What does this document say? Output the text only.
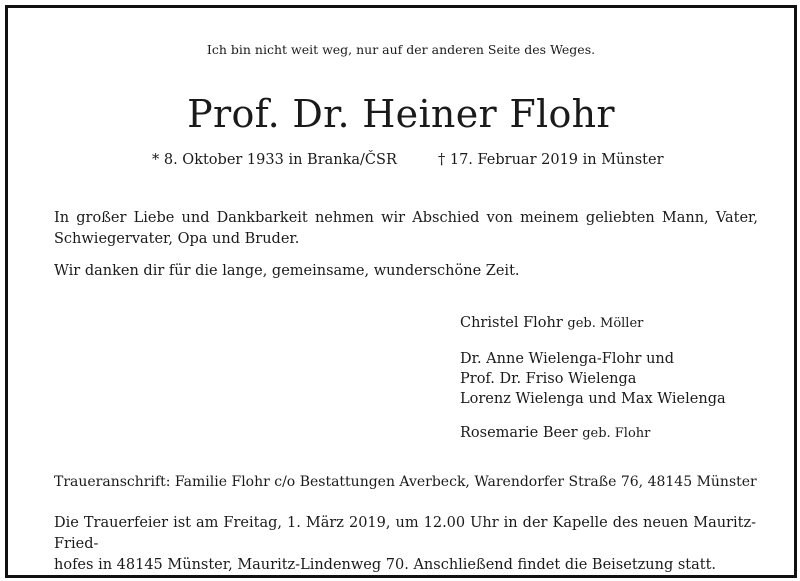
Ich bin nicht weit weg, nur auf der anderen Seite des Weges.
Prof. Dr. Heiner Flohr
* 8. Oktober 1933 in Branka/ČSR	† 17. Februar 2019 in Münster
In großer Liebe und Dankbarkeit nehmen wir Abschied von meinem geliebten Mann, Vater, Schwiegervater, Opa und Bruder.
Wir danken dir für die lange, gemeinsame, wunderschöne Zeit.
Christel Flohr geb. Möller
Dr. Anne Wielenga-Flohr und
Prof. Dr. Friso Wielenga
Lorenz Wielenga und Max Wielenga
Rosemarie Beer geb. Flohr
Traueranschrift: Familie Flohr c/o Bestattungen Averbeck, Warendorfer Straße 76, 48145 Münster
Die Trauerfeier ist am Freitag, 1. März 2019, um 12.00 Uhr in der Kapelle des neuen Mauritz-Fried-
hofes in 48145 Münster, Mauritz-Lindenweg 70. Anschließend findet die Beisetzung statt.
